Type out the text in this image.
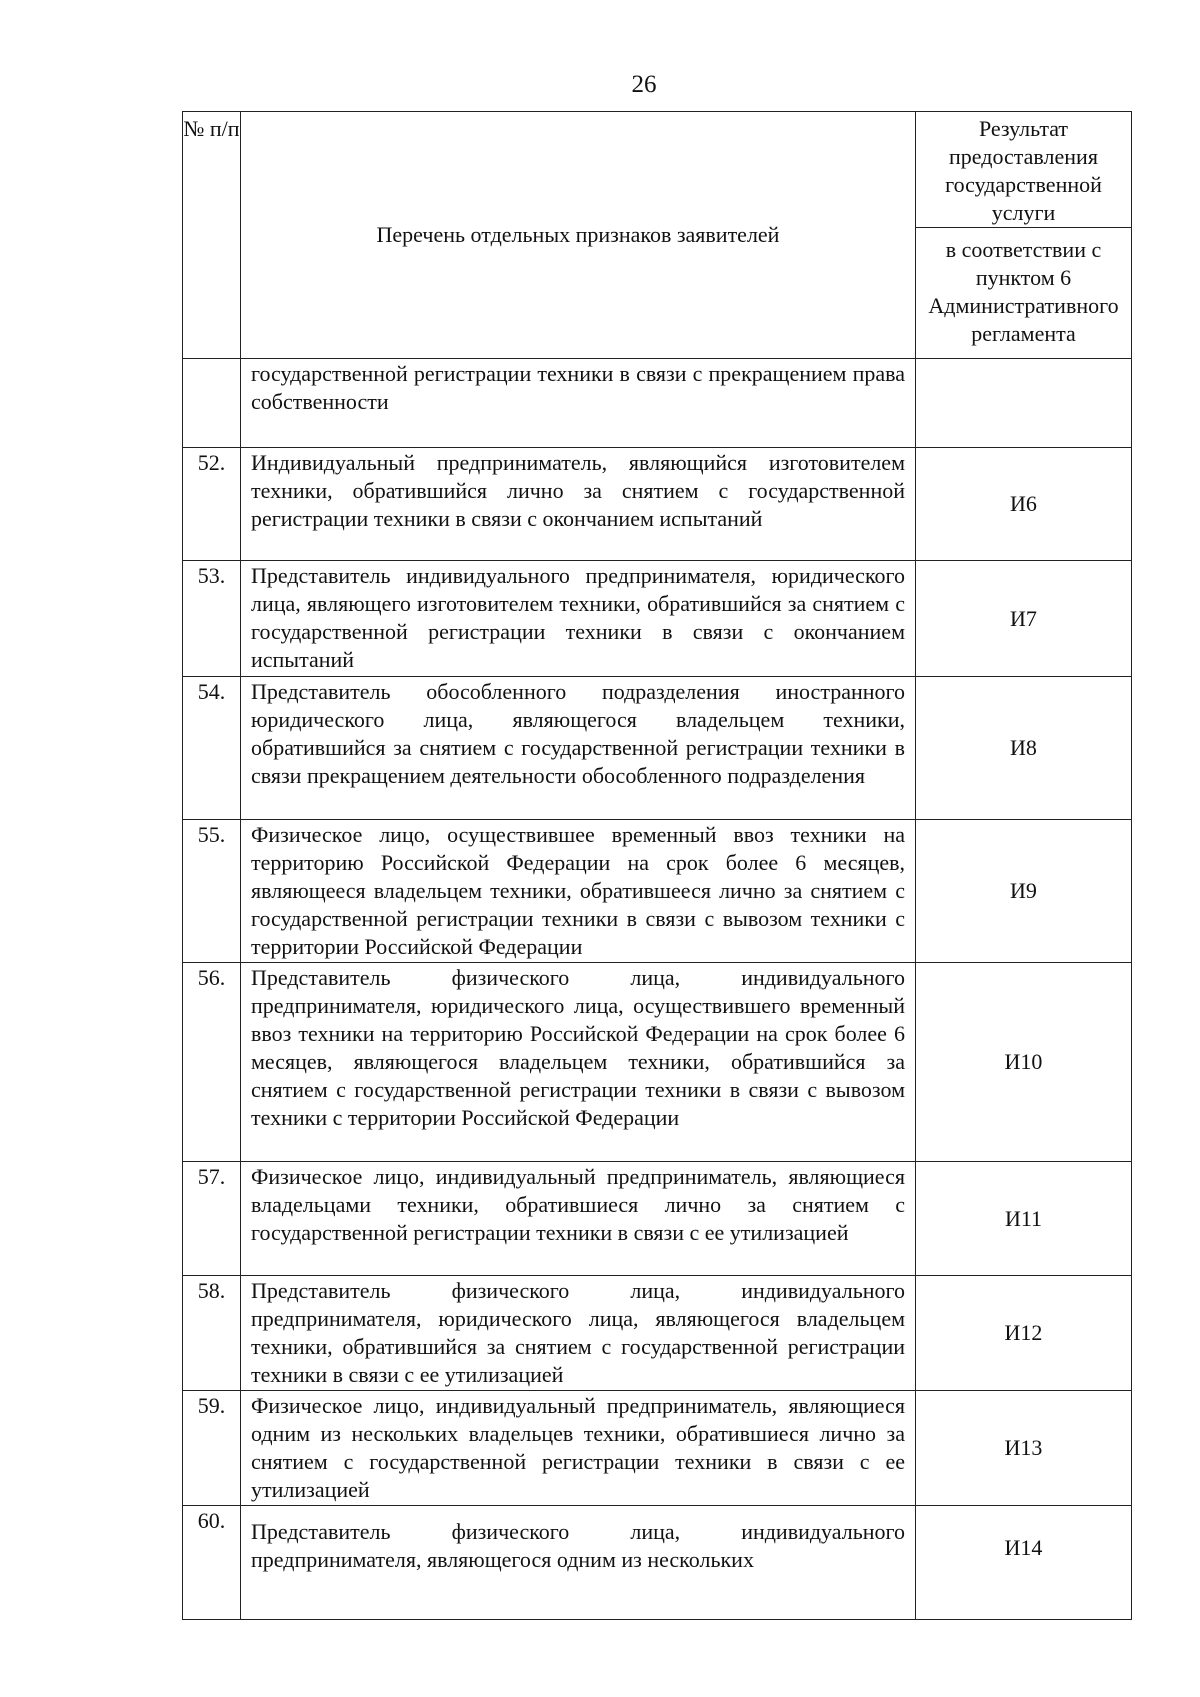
26
№ п/п	Перечень отдельных признаков заявителей	Результат предоставления государственной услуги
		в соответствии с пунктом 6 Административного регламента
	государственной регистрации техники в связи с прекращением права собственности	
52.	Индивидуальный предприниматель, являющийся изготовителем техники, обратившийся лично за снятием с государственной регистрации техники в связи с окончанием испытаний	И6
53.	Представитель индивидуального предпринимателя, юридического лица, являющего изготовителем техники, обратившийся за снятием с государственной регистрации техники в связи с окончанием испытаний	И7
54.	Представитель обособленного подразделения иностранного юридического лица, являющегося владельцем техники, обратившийся за снятием с государственной регистрации техники в связи прекращением деятельности обособленного подразделения	И8
55.	Физическое лицо, осуществившее временный ввоз техники на территорию Российской Федерации на срок более 6 месяцев, являющееся владельцем техники, обратившееся лично за снятием с государственной регистрации техники в связи с вывозом техники с территории Российской Федерации	И9
56.	Представитель физического лица, индивидуального предпринимателя, юридического лица, осуществившего временный ввоз техники на территорию Российской Федерации на срок более 6 месяцев, являющегося владельцем техники, обратившийся за снятием с государственной регистрации техники в связи с вывозом техники с территории Российской Федерации	И10
57.	Физическое лицо, индивидуальный предприниматель, являющиеся владельцами техники, обратившиеся лично за снятием с государственной регистрации техники в связи с ее утилизацией	И11
58.	Представитель физического лица, индивидуального предпринимателя, юридического лица, являющегося владельцем техники, обратившийся за снятием с государственной регистрации техники в связи с ее утилизацией	И12
59.	Физическое лицо, индивидуальный предприниматель, являющиеся одним из нескольких владельцев техники, обратившиеся лично за снятием с государственной регистрации техники в связи с ее утилизацией	И13
60.	Представитель физического лица, индивидуального предпринимателя, являющегося одним из нескольких	И14
